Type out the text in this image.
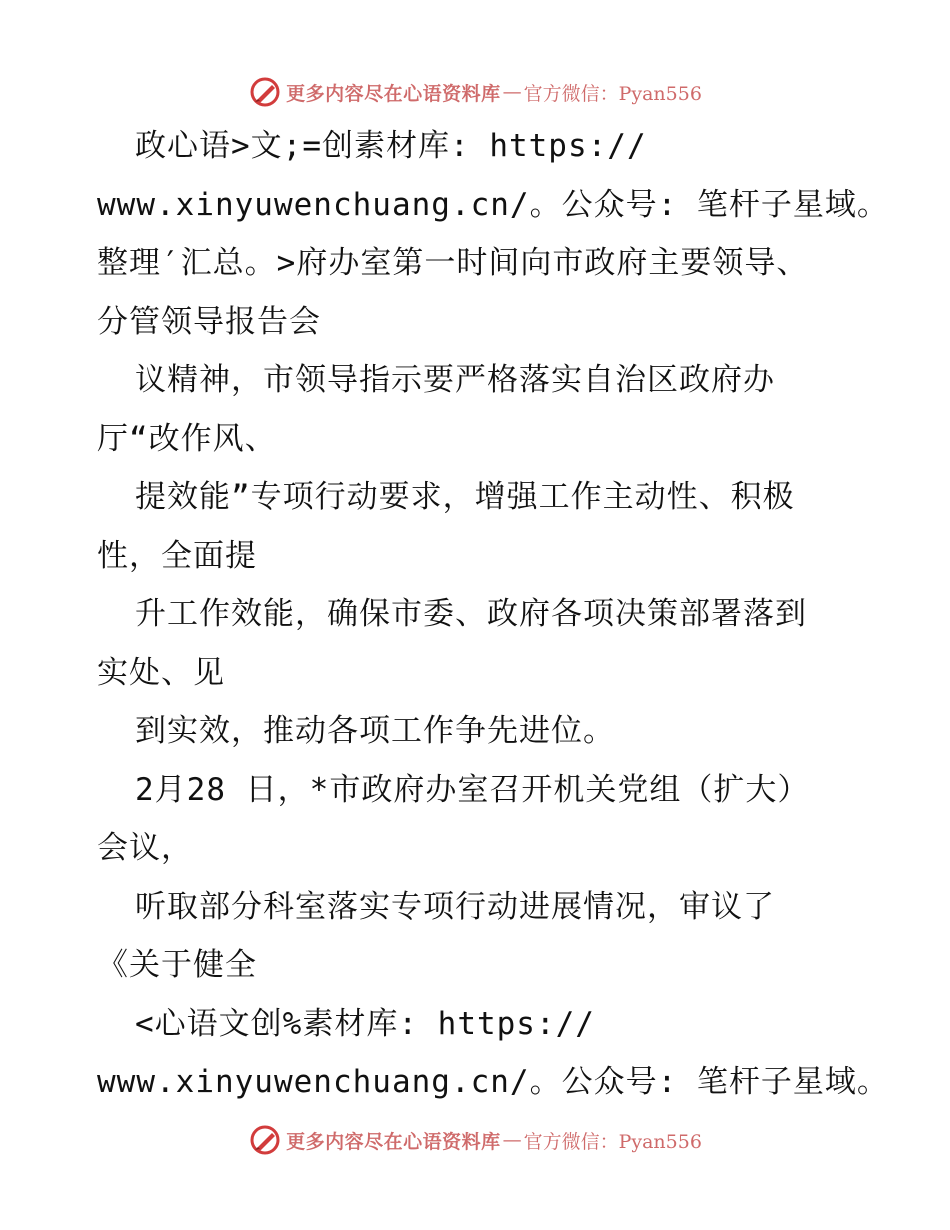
更多内容尽在心语资料库 — 官方微信：Pyan556
政心语>文;=创素材库: https://
www.xinyuwenchuang.cn/。公众号: 笔杆子星域。
整理′汇总。>府办室第一时间向市政府主要领导、
分管领导报告会
议精神，市领导指示要严格落实自治区政府办
厅“改作风、
提效能”专项行动要求，增强工作主动性、积极
性，全面提
升工作效能，确保市委、政府各项决策部署落到
实处、见
到实效，推动各项工作争先进位。
2月28 日，*市政府办室召开机关党组（扩大）
会议，
听取部分科室落实专项行动进展情况，审议了
《关于健全
<心语文创%素材库: https://
www.xinyuwenchuang.cn/。公众号: 笔杆子星域。
更多内容尽在心语资料库 — 官方微信：Pyan556
